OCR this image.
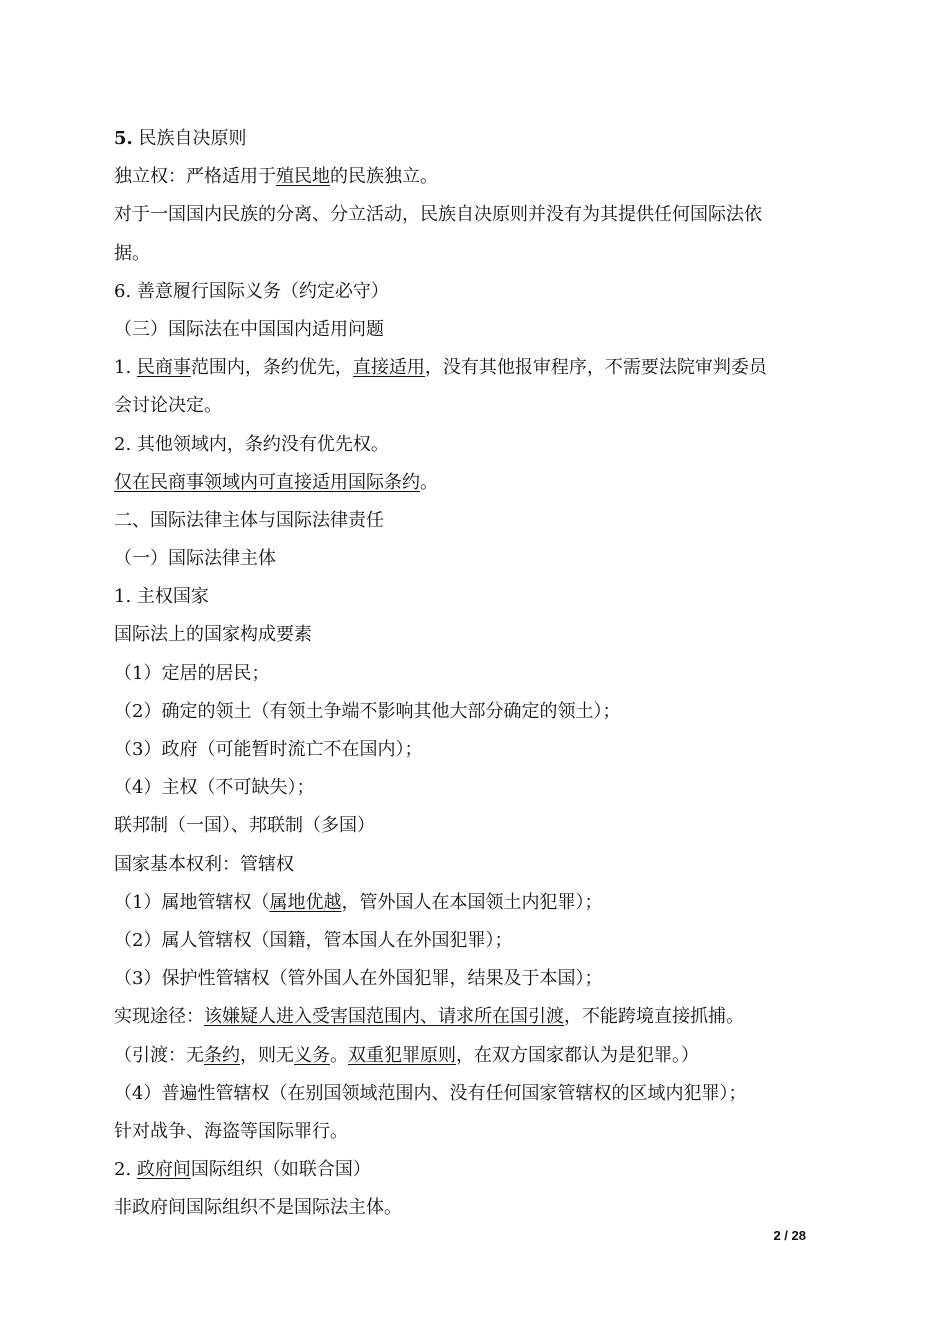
5. 民族自决原则
独立权：严格适用于殖民地的民族独立。
对于一国国内民族的分离、分立活动，民族自决原则并没有为其提供任何国际法依
据。
6. 善意履行国际义务（约定必守）
（三）国际法在中国国内适用问题
1. 民商事范围内，条约优先，直接适用，没有其他报审程序，不需要法院审判委员
会讨论决定。
2. 其他领域内，条约没有优先权。
仅在民商事领域内可直接适用国际条约。
二、国际法律主体与国际法律责任
（一）国际法律主体
1. 主权国家
国际法上的国家构成要素
（1）定居的居民；
（2）确定的领土（有领土争端不影响其他大部分确定的领土）；
（3）政府（可能暂时流亡不在国内）；
（4）主权（不可缺失）；
联邦制（一国）、邦联制（多国）
国家基本权利：管辖权
（1）属地管辖权（属地优越，管外国人在本国领土内犯罪）；
（2）属人管辖权（国籍，管本国人在外国犯罪）；
（3）保护性管辖权（管外国人在外国犯罪，结果及于本国）；
实现途径：该嫌疑人进入受害国范围内、请求所在国引渡，不能跨境直接抓捕。
（引渡：无条约，则无义务。双重犯罪原则，在双方国家都认为是犯罪。）
（4）普遍性管辖权（在别国领域范围内、没有任何国家管辖权的区域内犯罪）；
针对战争、海盗等国际罪行。
2. 政府间国际组织（如联合国）
非政府间国际组织不是国际法主体。
2 / 28
